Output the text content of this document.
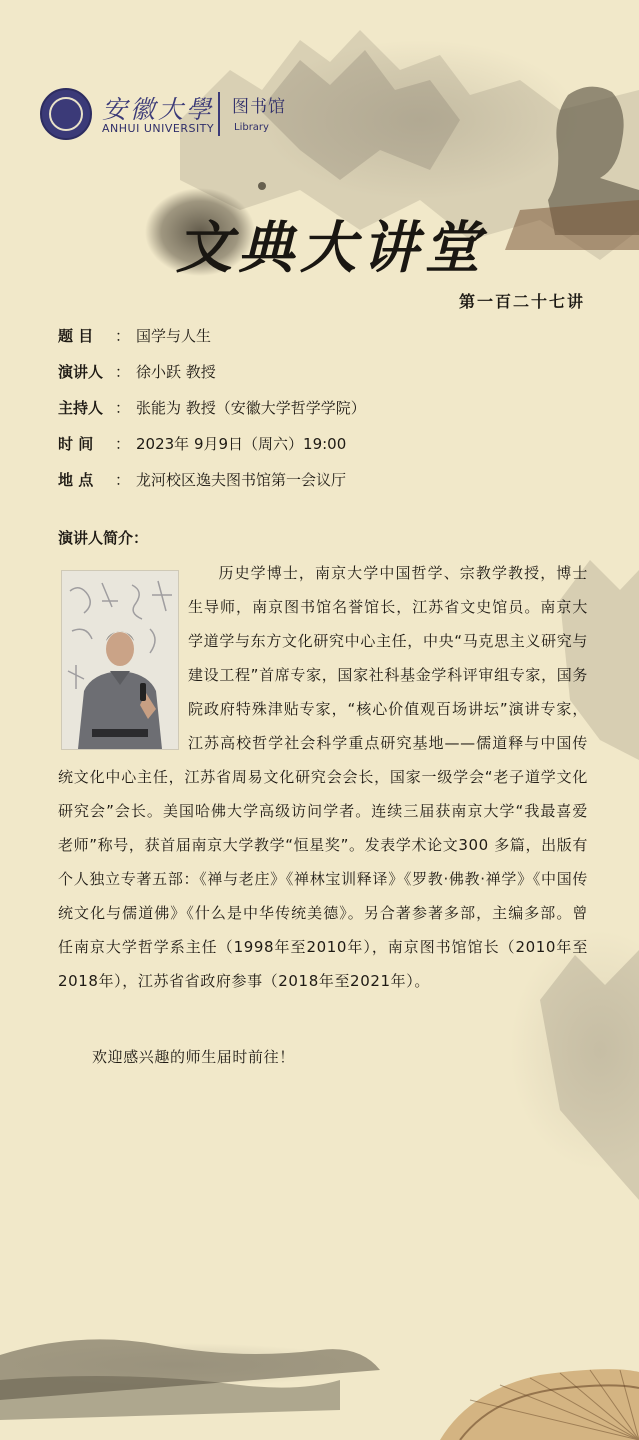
安徽大學
ANHUI UNIVERSITY
图书馆
Library
文典大讲堂
第一百二十七讲
题 目 ： 国学与人生
演讲人 ： 徐小跃 教授
主持人 ： 张能为 教授（安徽大学哲学学院）
时 间 ： 2023年 9月9日（周六）19:00
地 点 ： 龙河校区逸夫图书馆第一会议厅
演讲人简介：
历史学博士，南京大学中国哲学、宗教学教授，博士生导师，南京图书馆名誉馆长，江苏省文史馆员。南京大学道学与东方文化研究中心主任，中央“马克思主义研究与建设工程”首席专家，国家社科基金学科评审组专家，国务院政府特殊津贴专家，“核心价值观百场讲坛”演讲专家，江苏高校哲学社会科学重点研究基地——儒道释与中国传统文化中心主任，江苏省周易文化研究会会长，国家一级学会“老子道学文化研究会”会长。美国哈佛大学高级访问学者。连续三届获南京大学“我最喜爱老师”称号，获首届南京大学教学“恒星奖”。发表学术论文300 多篇，出版有个人独立专著五部：《禅与老庄》《禅林宝训释译》《罗教·佛教·禅学》《中国传统文化与儒道佛》《什么是中华传统美德》。另合著参著多部，主编多部。曾任南京大学哲学系主任（1998年至2010年），南京图书馆馆长（2010年至2018年），江苏省省政府参事（2018年至2021年）。
欢迎感兴趣的师生届时前往！
